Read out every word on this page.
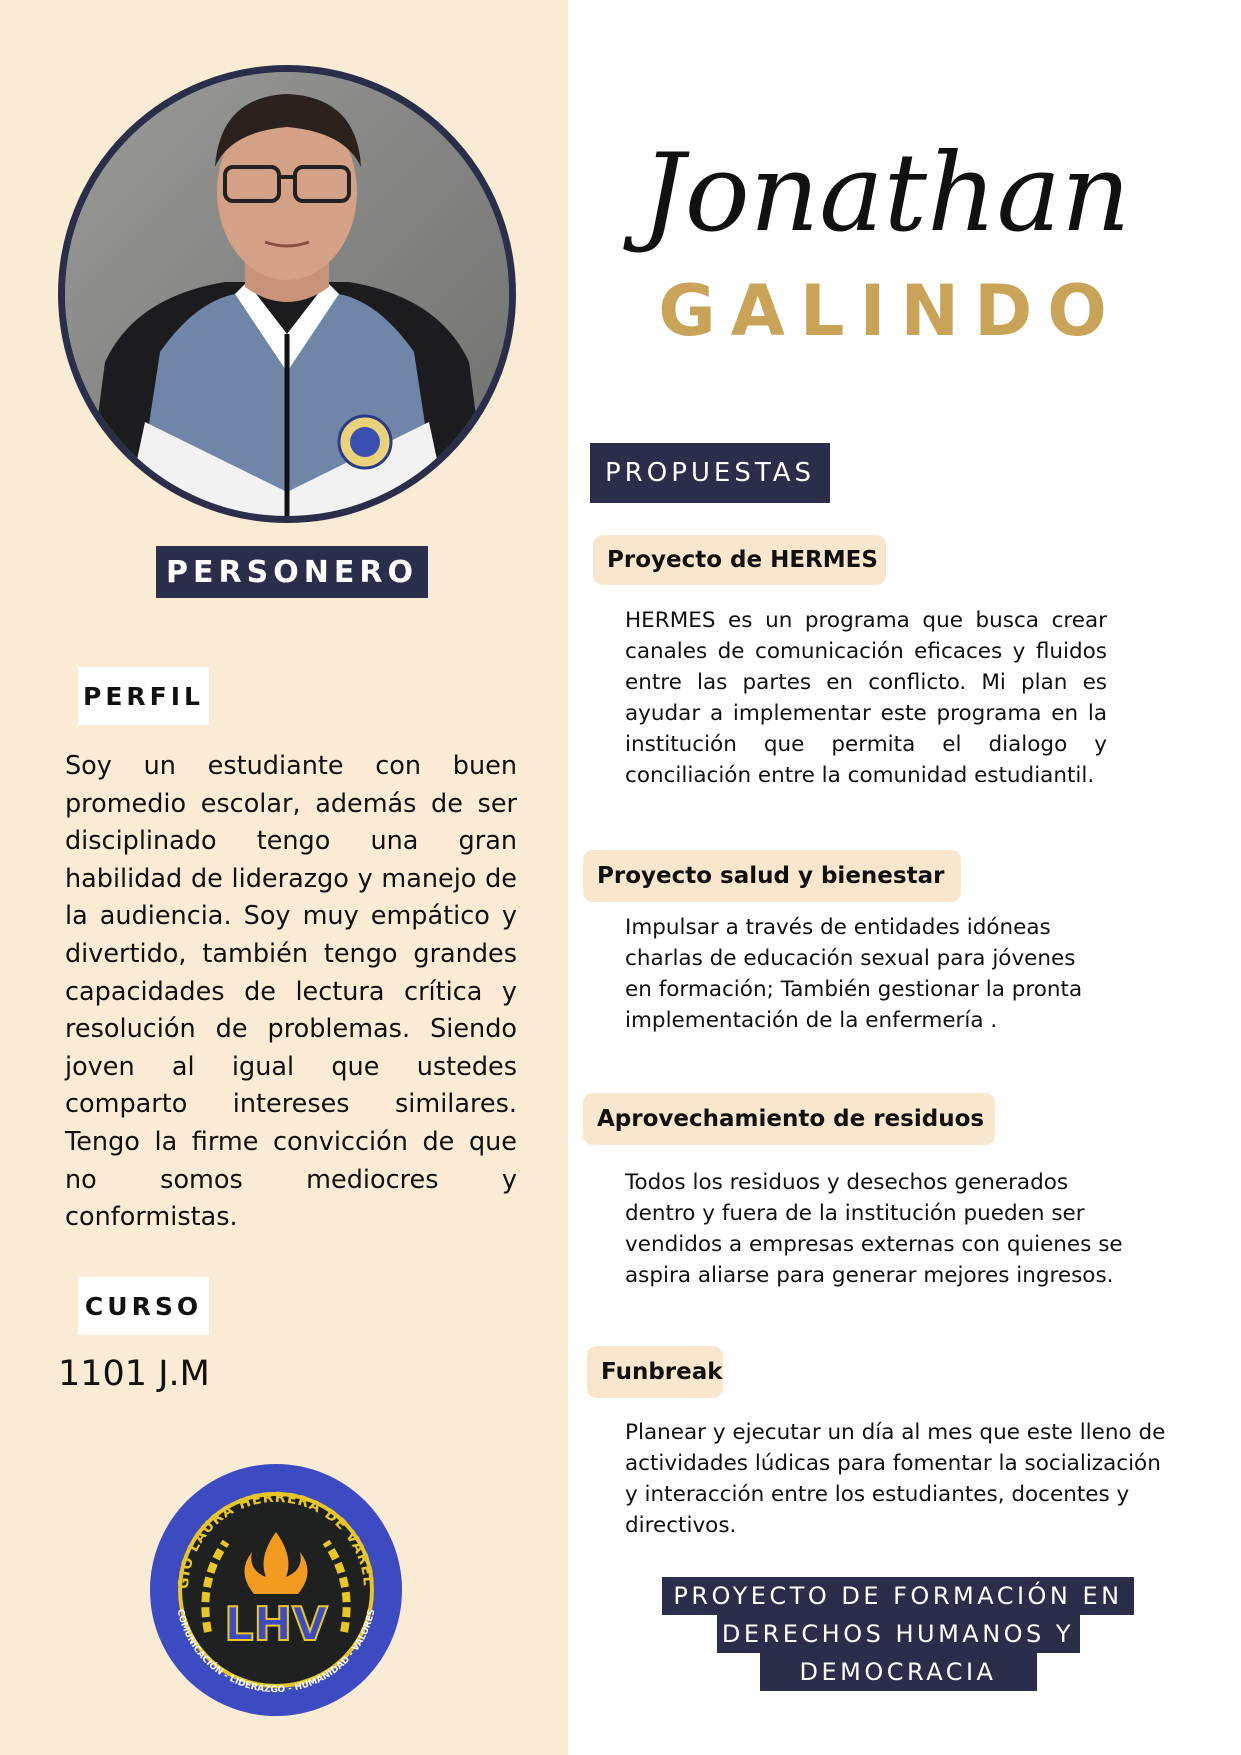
PERSONERO
PERFIL

Soy un estudiante con buen promedio escolar, además de ser disciplinado tengo una gran habilidad de liderazgo y manejo de la audiencia. Soy muy empático y divertido, también tengo grandes capacidades de lectura crítica y resolución de problemas. Siendo joven al igual que ustedes comparto intereses similares. Tengo la firme convicción de que no somos mediocres y conformistas.

CURSO
1101 J.M
LHV
GIO LAURA HERRERA DE VAREL
COMUNICACIÓN - LIDERAZGO - HUMANIDAD - VALORES
Jonathan
GALINDO
PROPUESTAS
Proyecto de HERMES

HERMES es un programa que busca crear canales de comunicación eficaces y fluidos entre las partes en conflicto. Mi plan es ayudar a implementar este programa en la institución que permita el dialogo y conciliación entre la comunidad estudiantil.

Proyecto salud y bienestar

Impulsar a través de entidades idóneas charlas de educación sexual para jóvenes en formación; También gestionar la pronta implementación de la enfermería .

Aprovechamiento de residuos

Todos los residuos y desechos generados dentro y fuera de la institución pueden ser vendidos a empresas externas con quienes se aspira aliarse para generar mejores ingresos.

Funbreak

Planear y ejecutar un día al mes que este lleno de actividades lúdicas para fomentar la socialización y interacción entre los estudiantes, docentes y directivos.

PROYECTO DE FORMACIÓN EN
DERECHOS HUMANOS Y
DEMOCRACIA
